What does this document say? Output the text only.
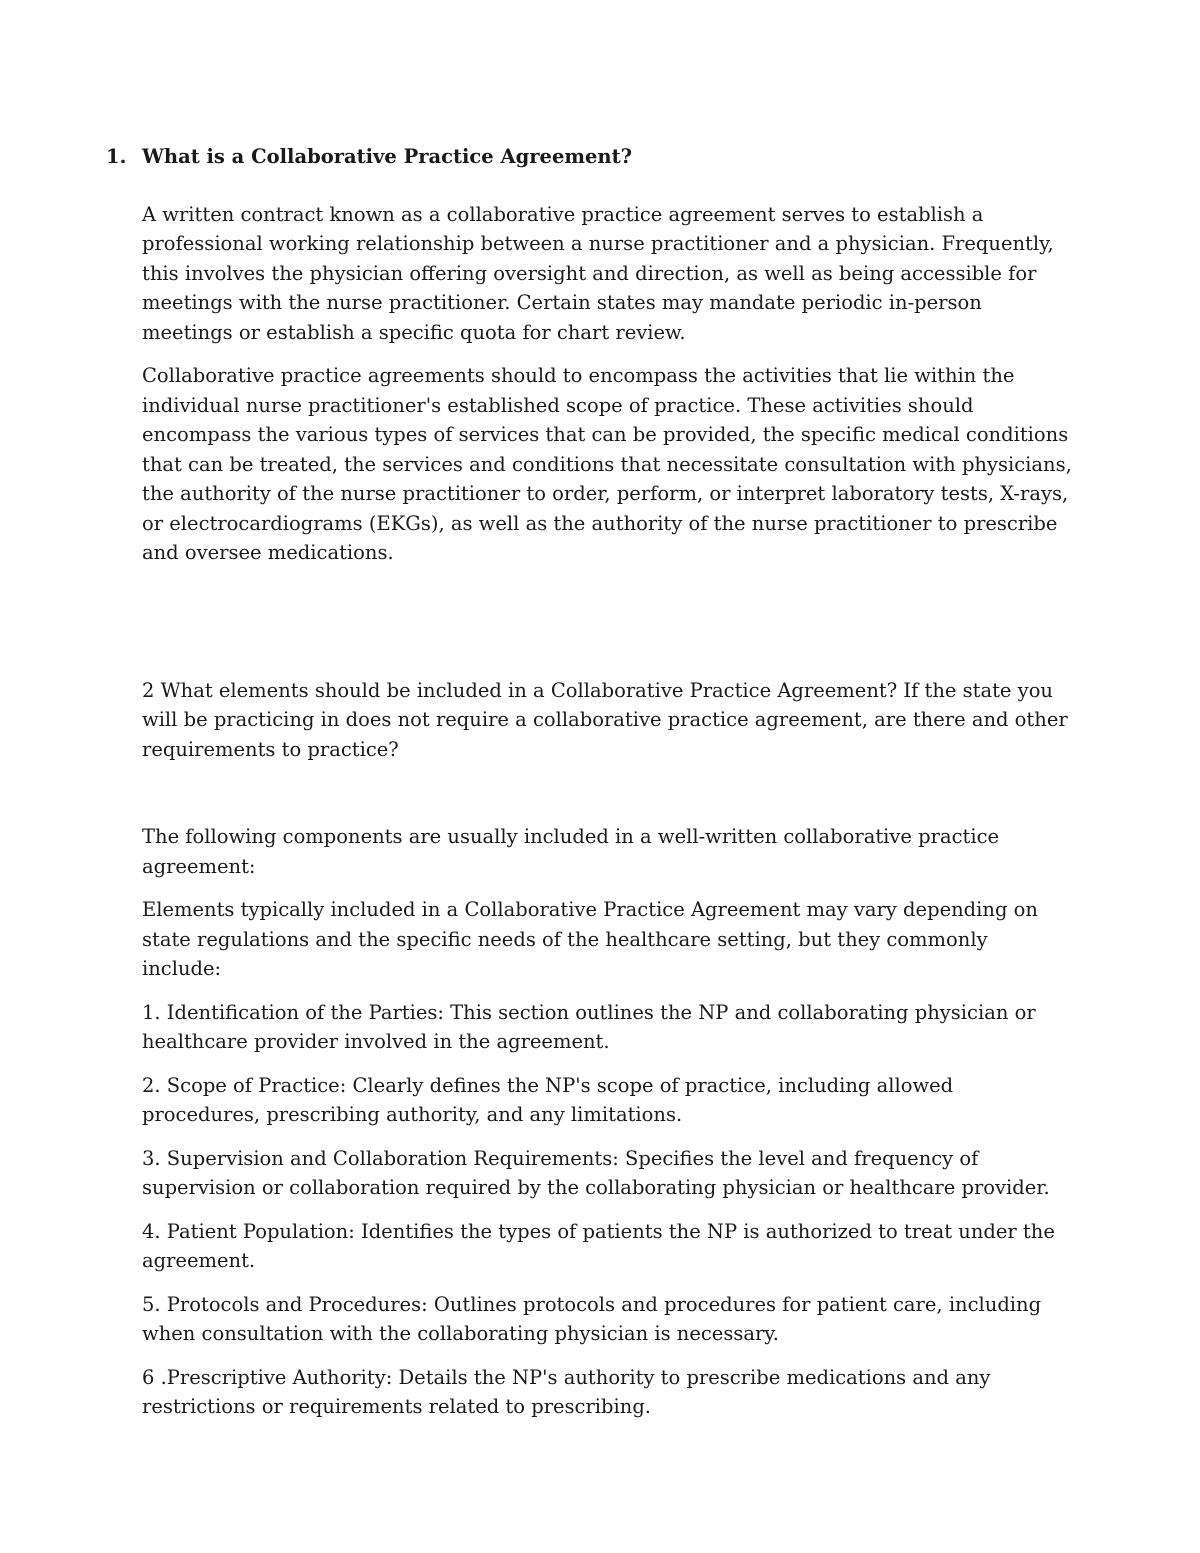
1. What is a Collaborative Practice Agreement?

A written contract known as a collaborative practice agreement serves to establish a professional working relationship between a nurse practitioner and a physician. Frequently, this involves the physician offering oversight and direction, as well as being accessible for meetings with the nurse practitioner. Certain states may mandate periodic in-person meetings or establish a specific quota for chart review.

Collaborative practice agreements should to encompass the activities that lie within the individual nurse practitioner's established scope of practice. These activities should encompass the various types of services that can be provided, the specific medical conditions that can be treated, the services and conditions that necessitate consultation with physicians, the authority of the nurse practitioner to order, perform, or interpret laboratory tests, X-rays, or electrocardiograms (EKGs), as well as the authority of the nurse practitioner to prescribe and oversee medications.

2 What elements should be included in a Collaborative Practice Agreement? If the state you will be practicing in does not require a collaborative practice agreement, are there and other requirements to practice?

The following components are usually included in a well-written collaborative practice agreement:

Elements typically included in a Collaborative Practice Agreement may vary depending on state regulations and the specific needs of the healthcare setting, but they commonly include:

1. Identification of the Parties: This section outlines the NP and collaborating physician or healthcare provider involved in the agreement.

2. Scope of Practice: Clearly defines the NP's scope of practice, including allowed procedures, prescribing authority, and any limitations.

3. Supervision and Collaboration Requirements: Specifies the level and frequency of supervision or collaboration required by the collaborating physician or healthcare provider.

4. Patient Population: Identifies the types of patients the NP is authorized to treat under the agreement.

5. Protocols and Procedures: Outlines protocols and procedures for patient care, including when consultation with the collaborating physician is necessary.

6 .Prescriptive Authority: Details the NP's authority to prescribe medications and any restrictions or requirements related to prescribing.
